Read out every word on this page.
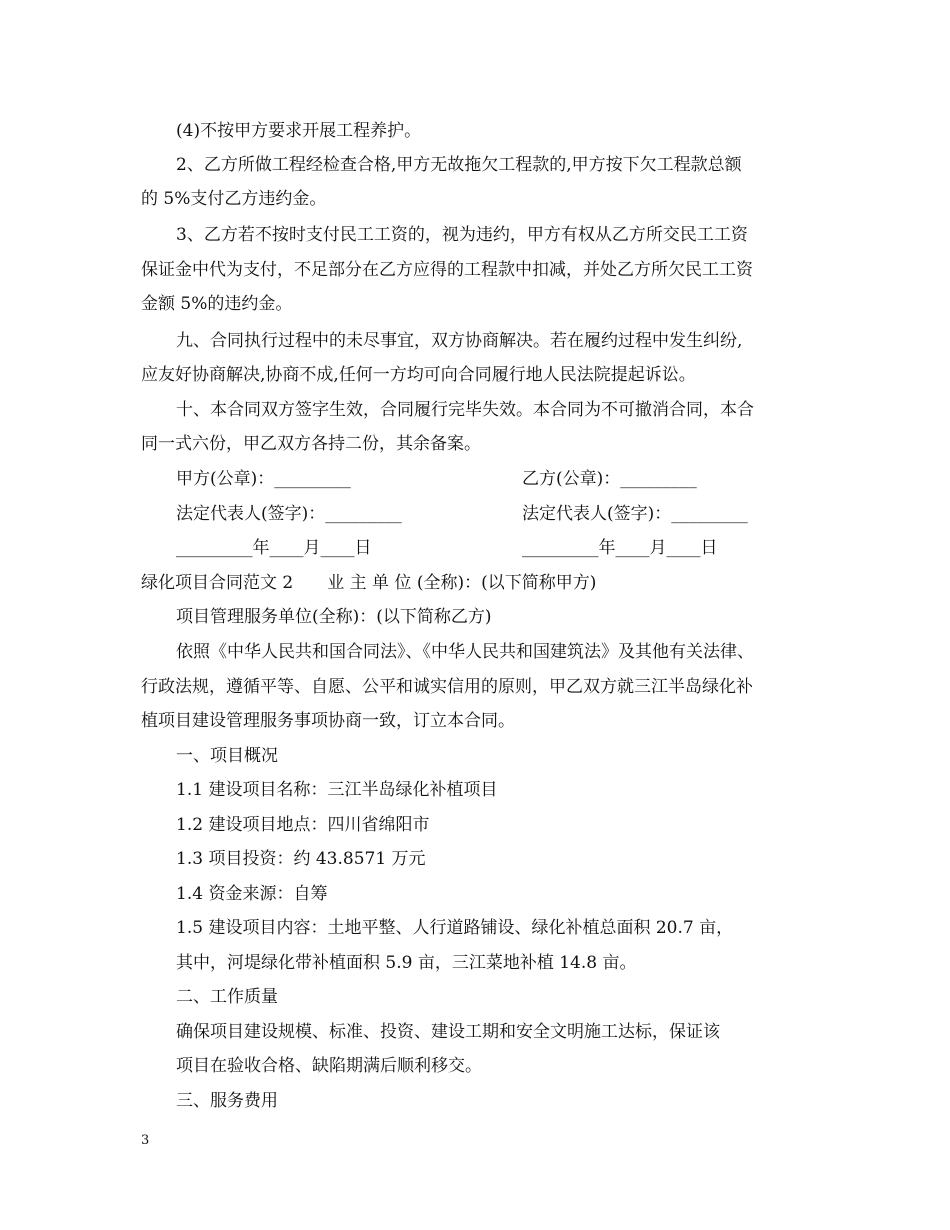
(4)不按甲方要求开展工程养护。
2、乙方所做工程经检查合格,甲方无故拖欠工程款的,甲方按下欠工程款总额
的 5%支付乙方违约金。
3、乙方若不按时支付民工工资的，视为违约，甲方有权从乙方所交民工工资
保证金中代为支付，不足部分在乙方应得的工程款中扣减，并处乙方所欠民工工资
金额 5%的违约金。
九、合同执行过程中的未尽事宜，双方协商解决。若在履约过程中发生纠纷,
应友好协商解决,协商不成,任何一方均可向合同履行地人民法院提起诉讼。
十、本合同双方签字生效，合同履行完毕失效。本合同为不可撤消合同，本合
同一式六份，甲乙双方各持二份，其余备案。
甲方(公章)：_________	乙方(公章)：_________
法定代表人(签字)：_________	法定代表人(签字)：_________
_________年____月____日	_________年____月____日
绿化项目合同范文 2　　业 主 单 位 (全称)：(以下简称甲方)
项目管理服务单位(全称)：(以下简称乙方)
依照《中华人民共和国合同法》、《中华人民共和国建筑法》及其他有关法律、
行政法规，遵循平等、自愿、公平和诚实信用的原则，甲乙双方就三江半岛绿化补
植项目建设管理服务事项协商一致，订立本合同。
一、项目概况
1.1 建设项目名称：三江半岛绿化补植项目
1.2 建设项目地点：四川省绵阳市
1.3 项目投资：约 43.8571 万元
1.4 资金来源：自筹
1.5 建设项目内容：土地平整、人行道路铺设、绿化补植总面积 20.7 亩，
其中，河堤绿化带补植面积 5.9 亩，三江菜地补植 14.8 亩。
二、工作质量
确保项目建设规模、标准、投资、建设工期和安全文明施工达标，保证该
项目在验收合格、缺陷期满后顺利移交。
三、服务费用
3
